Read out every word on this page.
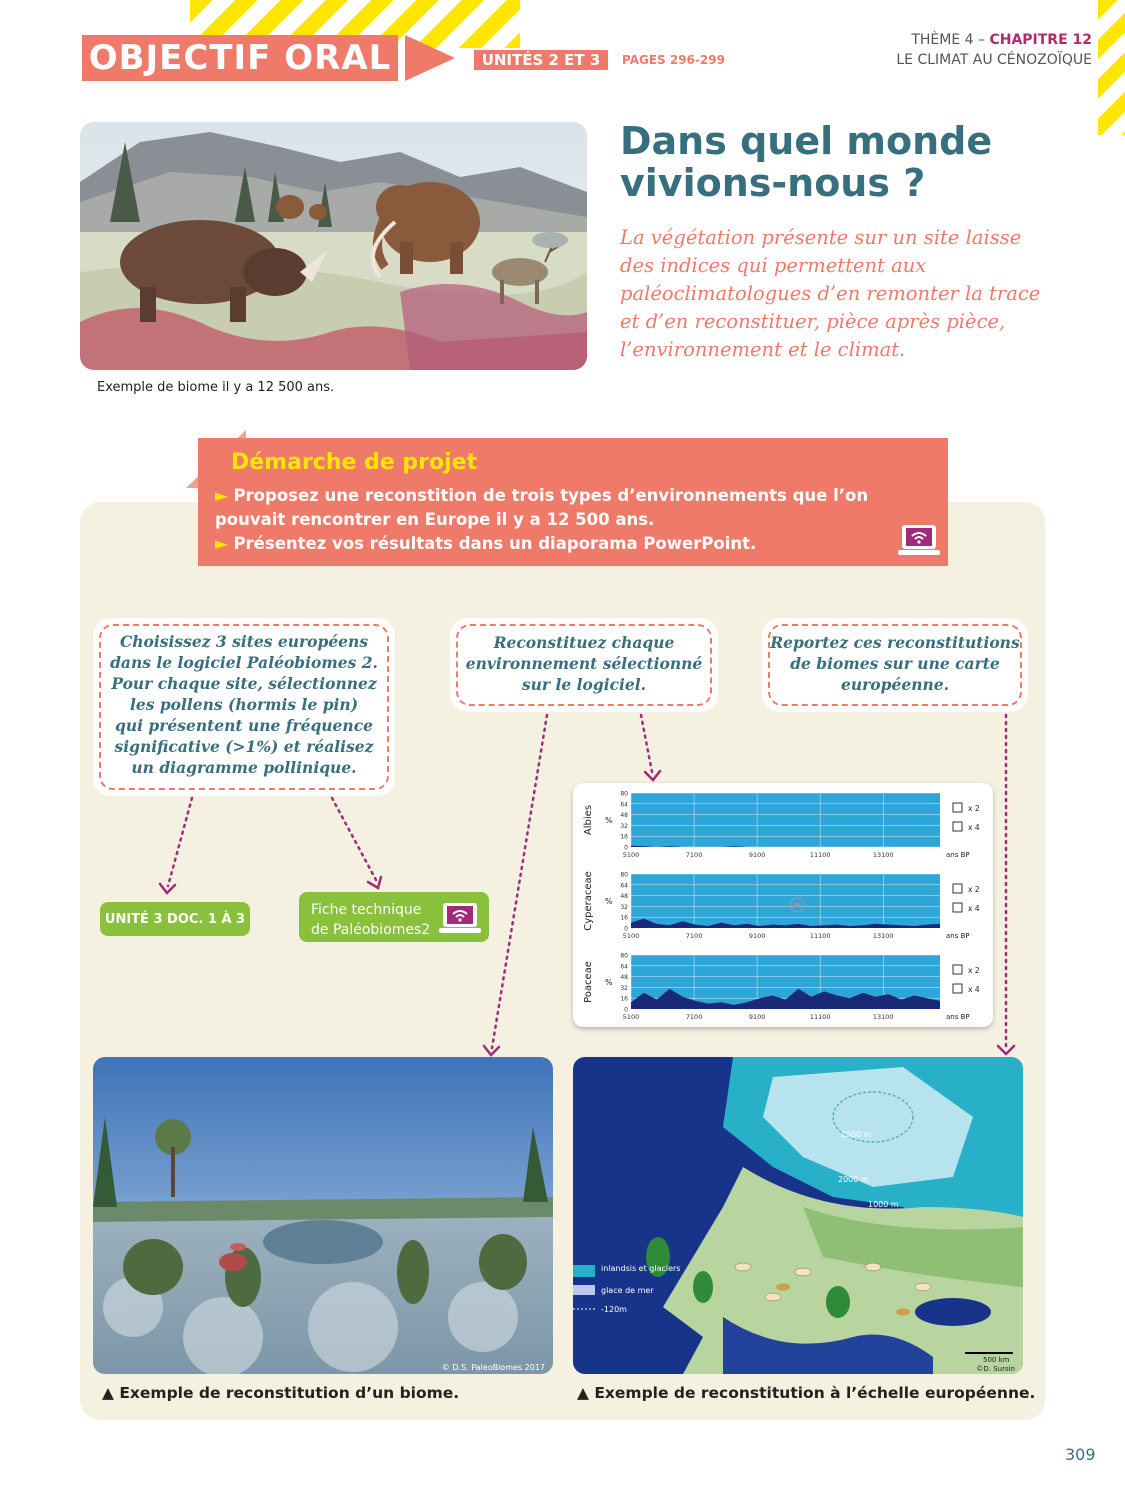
OBJECTIF ORAL	UNITÉS 2 ET 3	PAGES 296-299
THÈME 4 – CHAPITRE 12
LE CLIMAT AU CÉNOZOÏQUE
Exemple de biome il y a 12 500 ans.
Dans quel monde
vivions-nous ?
La végétation présente sur un site laisse des indices qui permettent aux paléoclimatologues d’en remonter la trace et d’en reconstituer, pièce après pièce, l’environnement et le climat.
Démarche de projet
► Proposez une reconstition de trois types d’environnements que l’on pouvait rencontrer en Europe il y a 12 500 ans.
► Présentez vos résultats dans un diaporama PowerPoint.
Choisissez 3 sites européens
dans le logiciel Paléobiomes 2.
Pour chaque site, sélectionnez
les pollens (hormis le pin)
qui présentent une fréquence
significative (>1%) et réalisez
un diagramme pollinique.
Reconstituez chaque
environnement sélectionné
sur le logiciel.
Reportez ces reconstitutions
de biomes sur une carte
européenne.
UNITÉ 3 DOC. 1 À 3
Fiche technique
de Paléobiomes2
80
64
48
32
16
0
5100	7100	9100	11100	13100
Albies %
x 2
x 4
ans BP
80
64
48
32
16
0
5100	7100	9100	11100	13100
Cyperaceae %
x 2
x 4
ans BP
80
64
48
32
16
0
5100	7100	9100	11100	13100
Poaceae %
x 2
x 4
ans BP
© D.S. PaleoBiomes 2017
▲ Exemple de reconstitution d’un biome.
2500 m
2000 m
1000 m
inlandsis et glaciers
glace de mer
-120m
500 km
©D. Sursin
▲ Exemple de reconstitution à l’échelle européenne.
309
